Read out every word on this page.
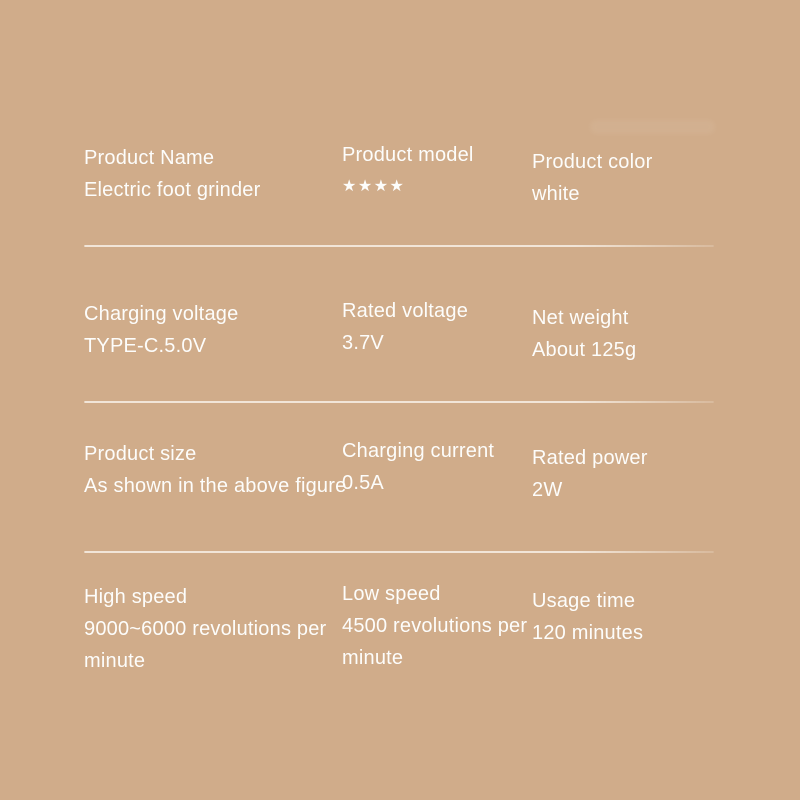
Product Name
Electric foot grinder
Product model
★★★★
Product color
white
Charging voltage
TYPE-C.5.0V
Rated voltage
3.7V
Net weight
About 125g
Product size
As shown in the above figure
Charging current
0.5A
Rated power
2W
High speed
9000~6000 revolutions per minute
Low speed
4500 revolutions per minute
Usage time
120 minutes
